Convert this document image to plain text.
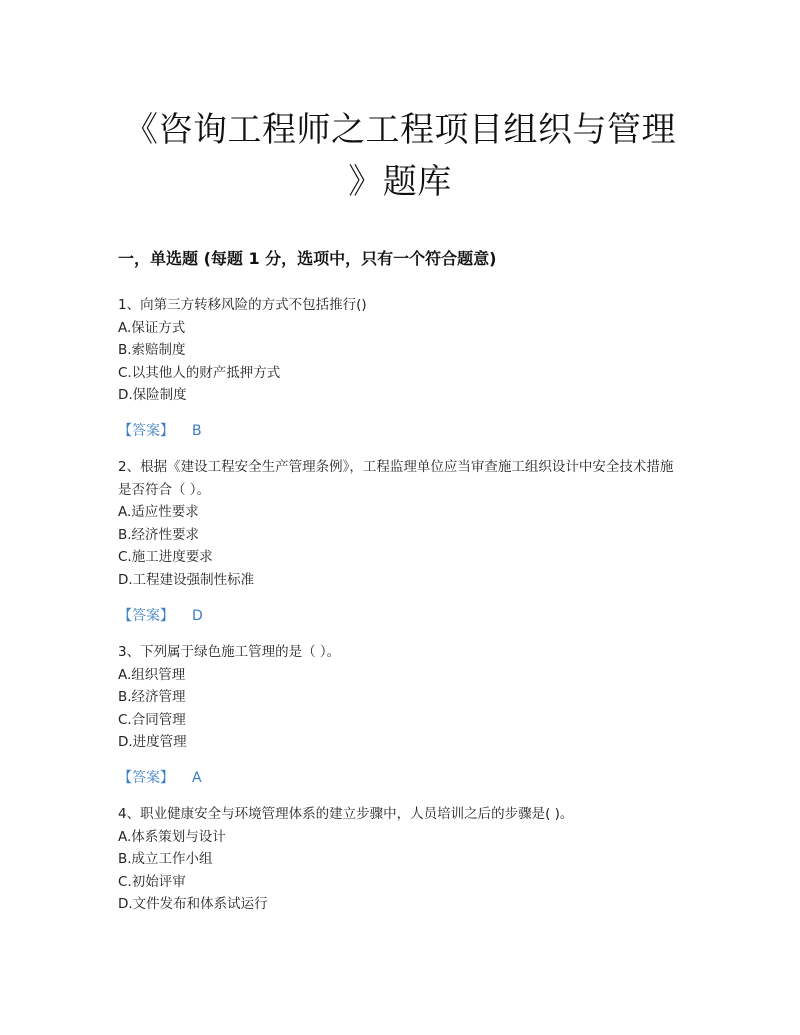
《咨询工程师之工程项目组织与管理
》题库
一，单选题 (每题 1 分，选项中，只有一个符合题意)

1、向第三方转移风险的方式不包括推行()

A.保证方式

B.索赔制度

C.以其他人的财产抵押方式

D.保险制度

【答案】 B

2、根据《建设工程安全生产管理条例》，工程监理单位应当审查施工组织设计中安全技术措施是否符合（ ）。

A.适应性要求

B.经济性要求

C.施工进度要求

D.工程建设强制性标准

【答案】 D

3、下列属于绿色施工管理的是（ ）。

A.组织管理

B.经济管理

C.合同管理

D.进度管理

【答案】 A

4、职业健康安全与环境管理体系的建立步骤中，人员培训之后的步骤是( )。

A.体系策划与设计

B.成立工作小组

C.初始评审

D.文件发布和体系试运行
